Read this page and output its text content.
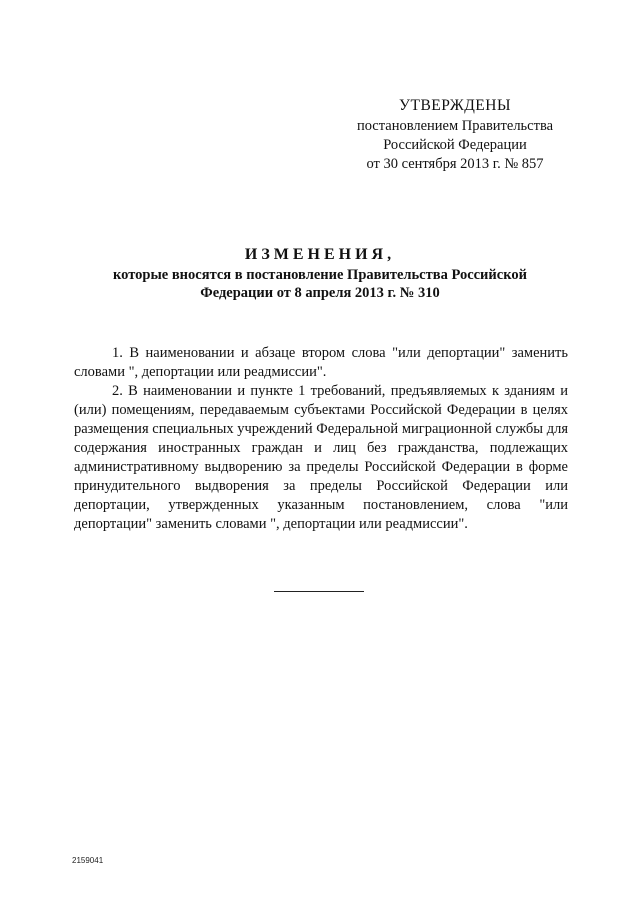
УТВЕРЖДЕНЫ
постановлением Правительства
Российской Федерации
от 30 сентября 2013 г. № 857
ИЗМЕНЕНИЯ,
которые вносятся в постановление Правительства Российской
Федерации от 8 апреля 2013 г. № 310

1. В наименовании и абзаце втором слова "или депортации" заменить словами ", депортации или реадмиссии".

2. В наименовании и пункте 1 требований, предъявляемых к зданиям и (или) помещениям, передаваемым субъектами Российской Федерации в целях размещения специальных учреждений Федеральной миграционной службы для содержания иностранных граждан и лиц без гражданства, подлежащих административному выдворению за пределы Российской Федерации в форме принудительного выдворения за пределы Российской Федерации или депортации, утвержденных указанным постановлением, слова "или депортации" заменить словами ", депортации или реадмиссии".

2159041
